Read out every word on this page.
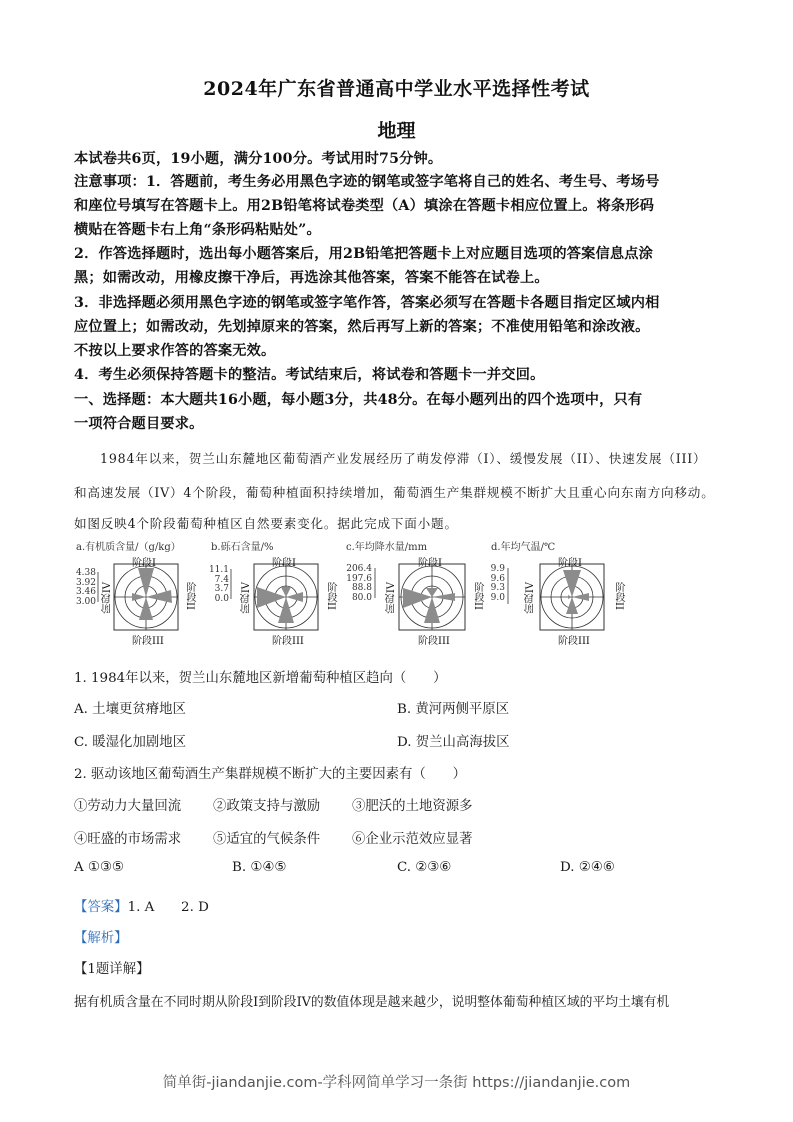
2024年广东省普通高中学业水平选择性考试
地理
本试卷共6页，19小题，满分100分。考试用时75分钟。
注意事项：1．答题前，考生务必用黑色字迹的钢笔或签字笔将自己的姓名、考生号、考场号
和座位号填写在答题卡上。用2B铅笔将试卷类型（A）填涂在答题卡相应位置上。将条形码
横贴在答题卡右上角“条形码粘贴处”。
2．作答选择题时，选出每小题答案后，用2B铅笔把答题卡上对应题目选项的答案信息点涂
黑；如需改动，用橡皮擦干净后，再选涂其他答案，答案不能答在试卷上。
3．非选择题必须用黑色字迹的钢笔或签字笔作答，答案必须写在答题卡各题目指定区域内相
应位置上；如需改动，先划掉原来的答案，然后再写上新的答案；不准使用铅笔和涂改液。
不按以上要求作答的答案无效。
4．考生必须保持答题卡的整洁。考试结束后，将试卷和答题卡一并交回。
一、选择题：本大题共16小题，每小题3分，共48分。在每小题列出的四个选项中，只有
一项符合题目要求。
1984年以来，贺兰山东麓地区葡萄酒产业发展经历了萌发停滞（I）、缓慢发展（II）、快速发展（III）
和高速发展（IV）4个阶段，葡萄种植面积持续增加，葡萄酒生产集群规模不断扩大且重心向东南方向移动。
如图反映4个阶段葡萄种植区自然要素变化。据此完成下面小题。
a.有机质含量/（g/kg）
4.38
3.92
3.46
3.00
阶段I
阶段II
阶段III
阶段IV
b.砾石含量/%
11.1
7.4
3.7
0.0
阶段I
阶段II
阶段III
阶段IV
c.年均降水量/mm
206.4
197.6
88.8
80.0
阶段I
阶段II
阶段III
阶段IV
d.年均气温/℃
9.9
9.6
9.3
9.0
阶段I
阶段II
阶段III
阶段IV
1. 1984年以来，贺兰山东麓地区新增葡萄种植区趋向（　　）
A. 土壤更贫瘠地区	B. 黄河两侧平原区
C. 暖湿化加剧地区	D. 贺兰山高海拔区
2. 驱动该地区葡萄酒生产集群规模不断扩大的主要因素有（　　）
①劳动力大量回流 ②政策支持与激励 ③肥沃的土地资源多
④旺盛的市场需求 ⑤适宜的气候条件 ⑥企业示范效应显著
A ①③⑤	B. ①④⑤	C. ②③⑥	D. ②④⑥
【答案】1. A　　2. D
【解析】
【1题详解】
据有机质含量在不同时期从阶段I到阶段IV的数值体现是越来越少，说明整体葡萄种植区域的平均土壤有机
简单街-jiandanjie.com-学科网简单学习一条街 https://jiandanjie.com
